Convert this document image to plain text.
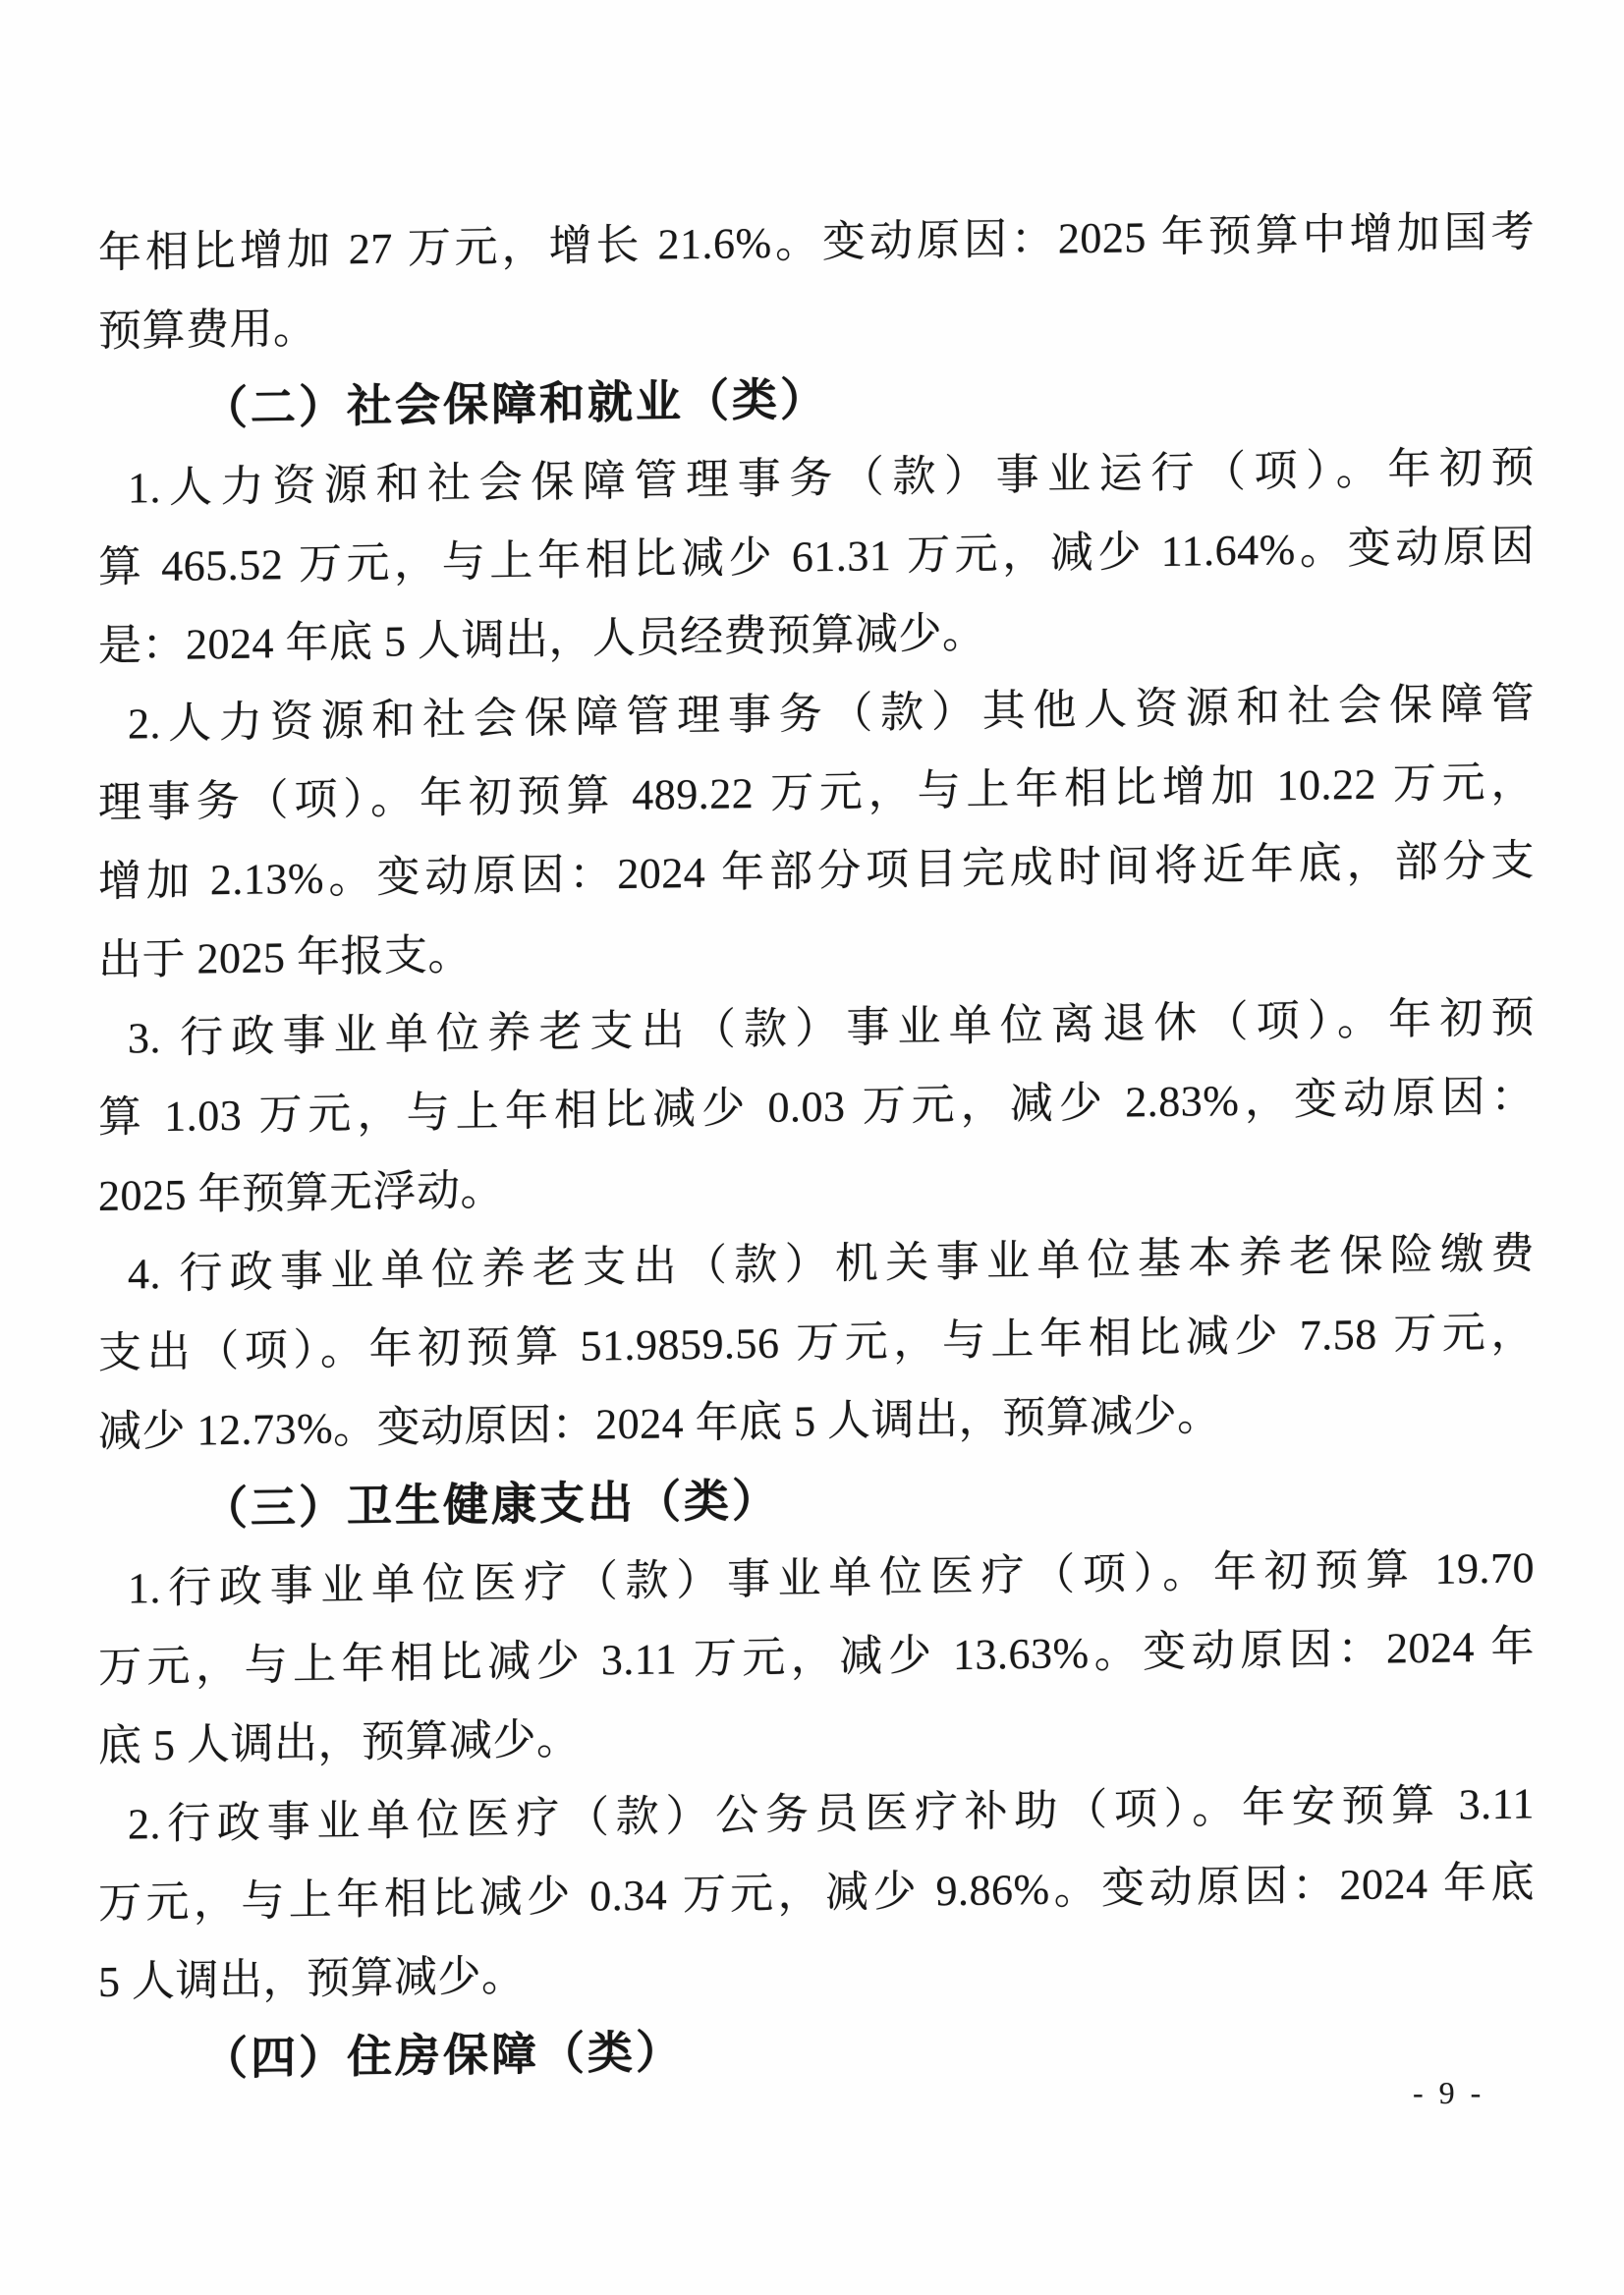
年相比增加 27 万元，增长 21.6%。变动原因：2025 年预算中增加国考
预算费用。
（二）社会保障和就业（类）
1.人力资源和社会保障管理事务（款）事业运行（项）。年初预
算 465.52 万元，与上年相比减少 61.31 万元，减少 11.64%。变动原因
是：2024 年底 5 人调出，人员经费预算减少。
2.人力资源和社会保障管理事务（款）其他人资源和社会保障管
理事务（项）。年初预算 489.22 万元，与上年相比增加 10.22 万元，
增加 2.13%。变动原因：2024 年部分项目完成时间将近年底，部分支
出于 2025 年报支。
3. 行政事业单位养老支出（款）事业单位离退休（项）。年初预
算 1.03 万元，与上年相比减少 0.03 万元，减少 2.83%，变动原因：
2025 年预算无浮动。
4. 行政事业单位养老支出（款）机关事业单位基本养老保险缴费
支出（项）。年初预算 51.9859.56 万元，与上年相比减少 7.58 万元，
减少 12.73%。变动原因：2024 年底 5 人调出，预算减少。
（三）卫生健康支出（类）
1.行政事业单位医疗（款）事业单位医疗（项）。年初预算 19.70
万元，与上年相比减少 3.11 万元，减少 13.63%。变动原因：2024 年
底 5 人调出，预算减少。
2.行政事业单位医疗（款）公务员医疗补助（项）。年安预算 3.11
万元，与上年相比减少 0.34 万元，减少 9.86%。变动原因：2024 年底
5 人调出，预算减少。
（四）住房保障（类）
- 9 -
